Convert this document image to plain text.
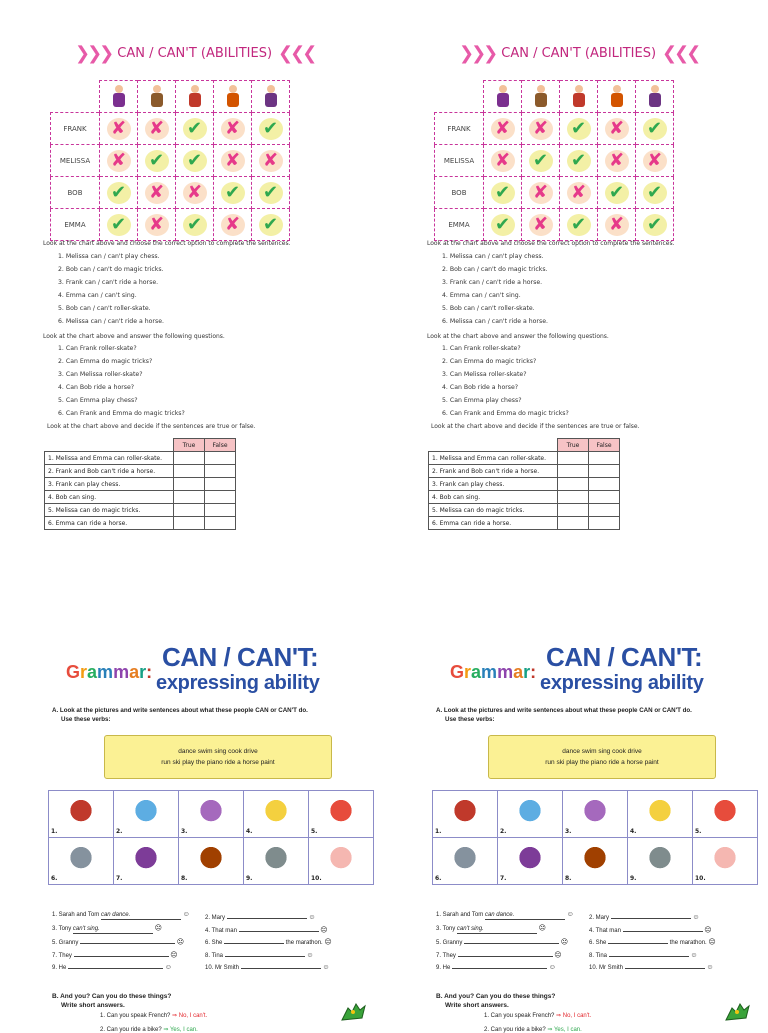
❯❯❯ CAN / CAN'T (ABILITIES) ❮❮❮

FRANK	✘	✘	✔	✘	✔
MELISSA	✘	✔	✔	✘	✘
BOB	✔	✘	✘	✔	✔
EMMA	✔	✘	✔	✘	✔
Look at the chart above and choose the correct option to complete the sentences.
1. Melissa can / can't play chess.
2. Bob can / can't do magic tricks.
3. Frank can / can't ride a horse.
4. Emma can / can't sing.
5. Bob can / can't roller-skate.
6. Melissa can / can't ride a horse.
Look at the chart above and answer the following questions.
1. Can Frank roller-skate?
2. Can Emma do magic tricks?
3. Can Melissa roller-skate?
4. Can Bob ride a horse?
5. Can Emma play chess?
6. Can Frank and Emma do magic tricks?
Look at the chart above and decide if the sentences are true or false.
	True	False
1. Melissa and Emma can roller-skate.		
2. Frank and Bob can't ride a horse.		
3. Frank can play chess.		
4. Bob can sing.		
5. Melissa can do magic tricks.		
6. Emma can ride a horse.		
❯❯❯ CAN / CAN'T (ABILITIES) ❮❮❮

FRANK	✘	✘	✔	✘	✔
MELISSA	✘	✔	✔	✘	✘
BOB	✔	✘	✘	✔	✔
EMMA	✔	✘	✔	✘	✔
Look at the chart above and choose the correct option to complete the sentences.
1. Melissa can / can't play chess.
2. Bob can / can't do magic tricks.
3. Frank can / can't ride a horse.
4. Emma can / can't sing.
5. Bob can / can't roller-skate.
6. Melissa can / can't ride a horse.
Look at the chart above and answer the following questions.
1. Can Frank roller-skate?
2. Can Emma do magic tricks?
3. Can Melissa roller-skate?
4. Can Bob ride a horse?
5. Can Emma play chess?
6. Can Frank and Emma do magic tricks?
Look at the chart above and decide if the sentences are true or false.
	True	False
1. Melissa and Emma can roller-skate.		
2. Frank and Bob can't ride a horse.		
3. Frank can play chess.		
4. Bob can sing.		
5. Melissa can do magic tricks.		
6. Emma can ride a horse.		
Grammar: CAN / CAN'T:
expressing ability
A. Look at the pictures and write sentences about what these people CAN or CAN'T do.
Use these verbs:
dance swim sing cook drive
run ski play the piano ride a horse paint
1.	2.	3.	4.	5.

6.	7.	8.	9.	10.
1. Sarah and Tom can dance.	☺
3. Tony can't sing.	☹
5. Granny	☹
7. They	☹
9. He	☺
2. Mary	☺
4. That man	☹
6. She	the marathon. ☹
8. Tina	☺
10. Mr Smith	☺
B. And you? Can you do these things?
Write short answers.
1. Can you speak French? ⇒ No, I can't.
2. Can you ride a bike? ⇒ Yes, I can.
Grammar: CAN / CAN'T:
expressing ability
A. Look at the pictures and write sentences about what these people CAN or CAN'T do.
Use these verbs:
dance swim sing cook drive
run ski play the piano ride a horse paint
1.	2.	3.	4.	5.

6.	7.	8.	9.	10.
1. Sarah and Tom can dance.	☺
3. Tony can't sing.	☹
5. Granny	☹
7. They	☹
9. He	☺
2. Mary	☺
4. That man	☹
6. She	the marathon. ☹
8. Tina	☺
10. Mr Smith	☺
B. And you? Can you do these things?
Write short answers.
1. Can you speak French? ⇒ No, I can't.
2. Can you ride a bike? ⇒ Yes, I can.
